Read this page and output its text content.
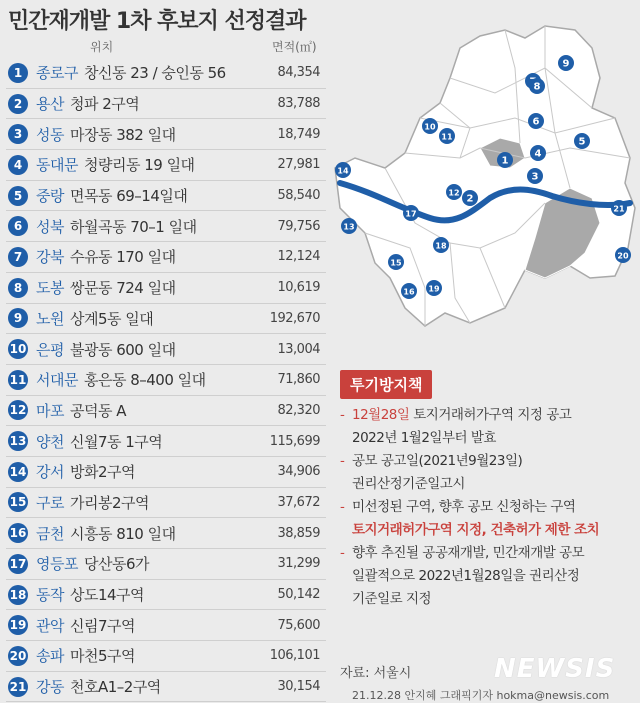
민간재개발 1차 후보지 선정결과
위치	면적(㎡)
1 종로구 창신동 23 / 숭인동 56	84,354
2 용산 청파 2구역	83,788
3 성동 마장동 382 일대	18,749
4 동대문 청량리동 19 일대	27,981
5 중랑 면목동 69–14일대	58,540
6 성북 하월곡동 70–1 일대	79,756
7 강북 수유동 170 일대	12,124
8 도봉 쌍문동 724 일대	10,619
9 노원 상계5동 일대	192,670
10 은평 불광동 600 일대	13,004
11 서대문 홍은동 8–400 일대	71,860
12 마포 공덕동 A	82,320
13 양천 신월7동 1구역	115,699
14 강서 방화2구역	34,906
15 구로 가리봉2구역	37,672
16 금천 시흥동 810 일대	38,859
17 영등포 당산동6가	31,299
18 동작 상도14구역	50,142
19 관악 신림7구역	75,600
20 송파 마천5구역	106,101
21 강동 천호A1–2구역	30,154
1
2
3
4
5
6
8
9
10
11
12
13
14
15
16
17
18
19
20
21
투기방지책
- 12월28일 토지거래허가구역 지정 공고
2022년 1월2일부터 발효
- 공모 공고일(2021년9월23일)
권리산정기준일고시
- 미선정된 구역, 향후 공모 신청하는 구역
토지거래허가구역 지정, 건축허가 제한 조치
- 향후 추진될 공공재개발, 민간재개발 공모
일괄적으로 2022년1월28일을 권리산정
기준일로 지정
자료: 서울시	NEWSIS
21.12.28 안지혜 그래픽기자 hokma@newsis.com
